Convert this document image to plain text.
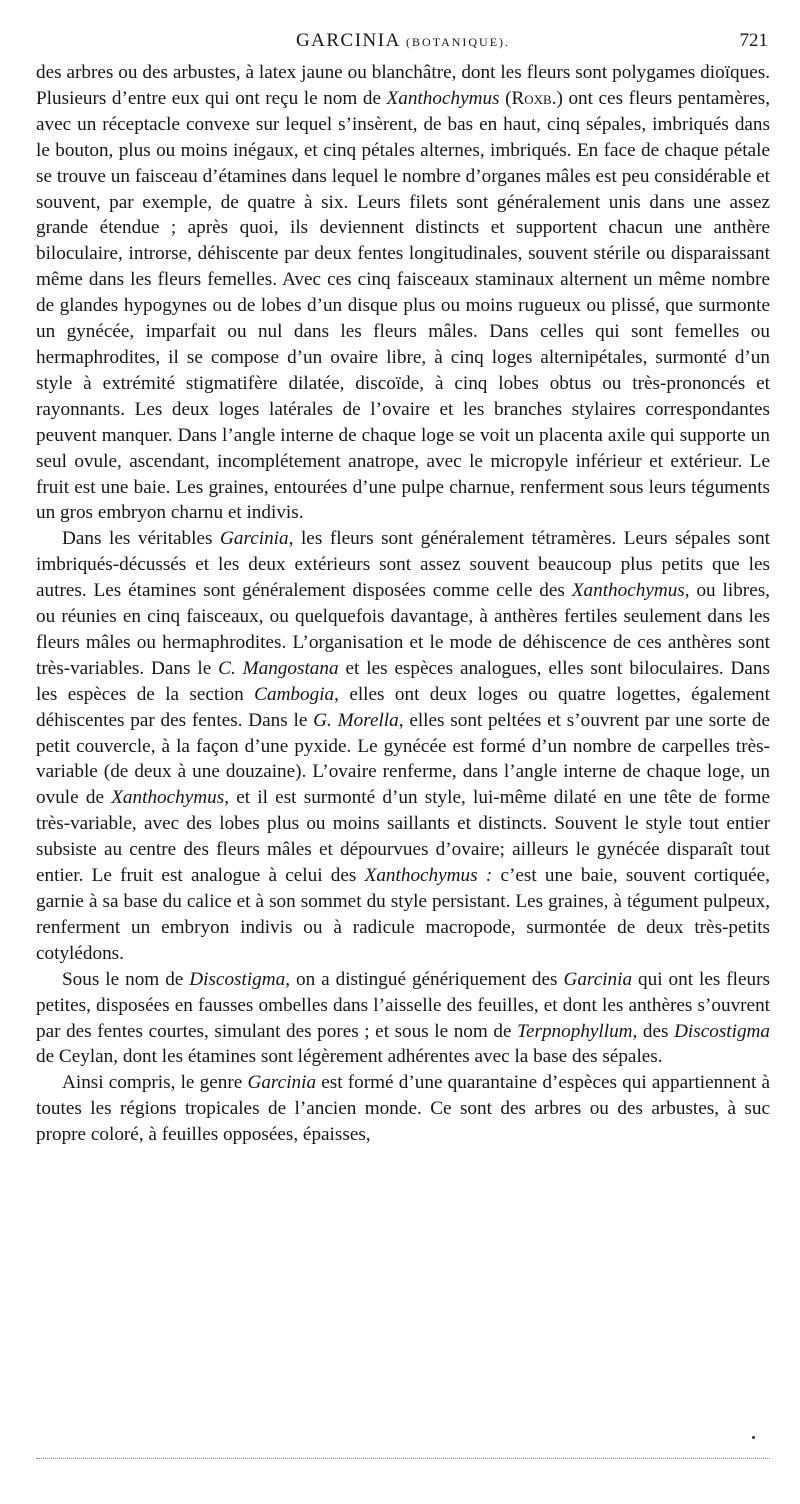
GARCINIA (BOTANIQUE).	721

des arbres ou des arbustes, à latex jaune ou blanchâtre, dont les fleurs sont polygames dioïques. Plusieurs d’entre eux qui ont reçu le nom de Xanthochymus (Roxb.) ont ces fleurs pentamères, avec un réceptacle convexe sur lequel s’insèrent, de bas en haut, cinq sépales, imbriqués dans le bouton, plus ou moins inégaux, et cinq pétales alternes, imbriqués. En face de chaque pétale se trouve un faisceau d’étamines dans lequel le nombre d’organes mâles est peu considérable et souvent, par exemple, de quatre à six. Leurs filets sont généralement unis dans une assez grande étendue ; après quoi, ils deviennent distincts et supportent chacun une anthère biloculaire, introrse, déhiscente par deux fentes longitudinales, souvent stérile ou disparaissant même dans les fleurs femelles. Avec ces cinq faisceaux staminaux alternent un même nombre de glandes hypogynes ou de lobes d’un disque plus ou moins rugueux ou plissé, que surmonte un gynécée, imparfait ou nul dans les fleurs mâles. Dans celles qui sont femelles ou hermaphrodites, il se compose d’un ovaire libre, à cinq loges alternipétales, surmonté d’un style à extrémité stigmatifère dilatée, discoïde, à cinq lobes obtus ou très-prononcés et rayonnants. Les deux loges latérales de l’ovaire et les branches stylaires correspondantes peuvent manquer. Dans l’angle interne de chaque loge se voit un placenta axile qui supporte un seul ovule, ascendant, incomplétement anatrope, avec le micropyle inférieur et extérieur. Le fruit est une baie. Les graines, entourées d’une pulpe charnue, renferment sous leurs téguments un gros embryon charnu et indivis.

Dans les véritables Garcinia, les fleurs sont généralement tétramères. Leurs sépales sont imbriqués-décussés et les deux extérieurs sont assez souvent beaucoup plus petits que les autres. Les étamines sont généralement disposées comme celle des Xanthochymus, ou libres, ou réunies en cinq faisceaux, ou quelquefois davantage, à anthères fertiles seulement dans les fleurs mâles ou hermaphrodites. L’organisation et le mode de déhiscence de ces anthères sont très-variables. Dans le C. Mangostana et les espèces analogues, elles sont biloculaires. Dans les espèces de la section Cambogia, elles ont deux loges ou quatre logettes, également déhiscentes par des fentes. Dans le G. Morella, elles sont peltées et s’ouvrent par une sorte de petit couvercle, à la façon d’une pyxide. Le gynécée est formé d’un nombre de carpelles très-variable (de deux à une douzaine). L’ovaire renferme, dans l’angle interne de chaque loge, un ovule de Xanthochymus, et il est surmonté d’un style, lui-même dilaté en une tête de forme très-variable, avec des lobes plus ou moins saillants et distincts. Souvent le style tout entier subsiste au centre des fleurs mâles et dépourvues d’ovaire; ailleurs le gynécée disparaît tout entier. Le fruit est analogue à celui des Xanthochymus : c’est une baie, souvent cortiquée, garnie à sa base du calice et à son sommet du style persistant. Les graines, à tégument pulpeux, renferment un embryon indivis ou à radicule macropode, surmontée de deux très-petits cotylédons.

Sous le nom de Discostigma, on a distingué génériquement des Garcinia qui ont les fleurs petites, disposées en fausses ombelles dans l’aisselle des feuilles, et dont les anthères s’ouvrent par des fentes courtes, simulant des pores ; et sous le nom de Terpnophyllum, des Discostigma de Ceylan, dont les étamines sont légèrement adhérentes avec la base des sépales.

Ainsi compris, le genre Garcinia est formé d’une quarantaine d’espèces qui appartiennent à toutes les régions tropicales de l’ancien monde. Ce sont des arbres ou des arbustes, à suc propre coloré, à feuilles opposées, épaisses,
